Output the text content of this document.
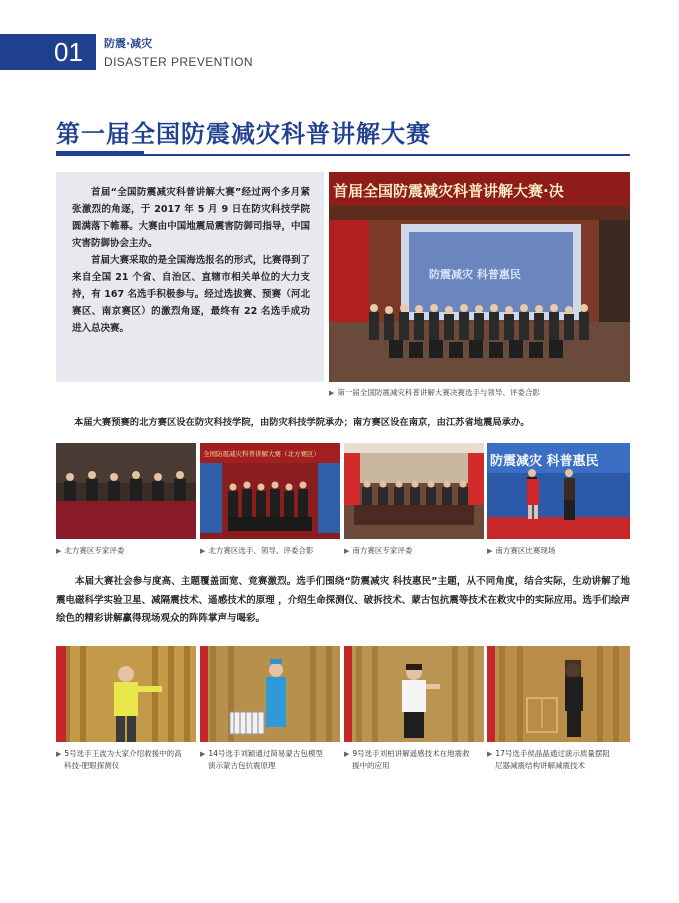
01 防震·减灾
DISASTER PREVENTION
第一届全国防震减灾科普讲解大赛

首届“全国防震减灾科普讲解大赛”经过两个多月紧张激烈的角逐，于 2017 年 5 月 9 日在防灾科技学院圆满落下帷幕。大赛由中国地震局震害防御司指导，中国灾害防御协会主办。

首届大赛采取的是全国海选报名的形式，比赛得到了来自全国 21 个省、自治区、直辖市相关单位的大力支持，有 167 名选手积极参与。经过选拔赛、预赛（河北赛区、南京赛区）的激烈角逐，最终有 22 名选手成功进入总决赛。

首届全国防震减灾科普讲解大赛·决
防震减灾 科普惠民
▶ 第一届全国防震减灾科普讲解大赛决赛选手与领导、评委合影
本届大赛预赛的北方赛区设在防灾科技学院，由防灾科技学院承办；南方赛区设在南京，由江苏省地震局承办。
全国防震减灾科普讲解大赛（北方赛区）	防震减灾 科普惠民
▶ 北方赛区专家评委	▶ 北方赛区选手、领导、评委合影	▶ 南方赛区专家评委	▶ 南方赛区比赛现场
本届大赛社会参与度高、主题覆盖面宽、竞赛激烈。选手们围绕“防震减灾 科技惠民”主题，从不同角度，结合实际，生动讲解了地震电磁科学实验卫星、减隔震技术、遥感技术的原理 ，介绍生命探测仪、破拆技术、蒙古包抗震等技术在救灾中的实际应用。选手们绘声绘色的精彩讲解赢得现场观众的阵阵掌声与喝彩。
▶ 5号选手王波为大家介绍救援中的高
科技-肥眼探测仪
▶ 14号选手刘颖通过简易蒙古包模型
演示蒙古包抗震原理
▶ 9号选手刘柏讲解遥感技术在地震救
援中的应用
▶ 17号选手侯晶晶通过演示质量摆阻
尼器减震结构讲解减震技术
